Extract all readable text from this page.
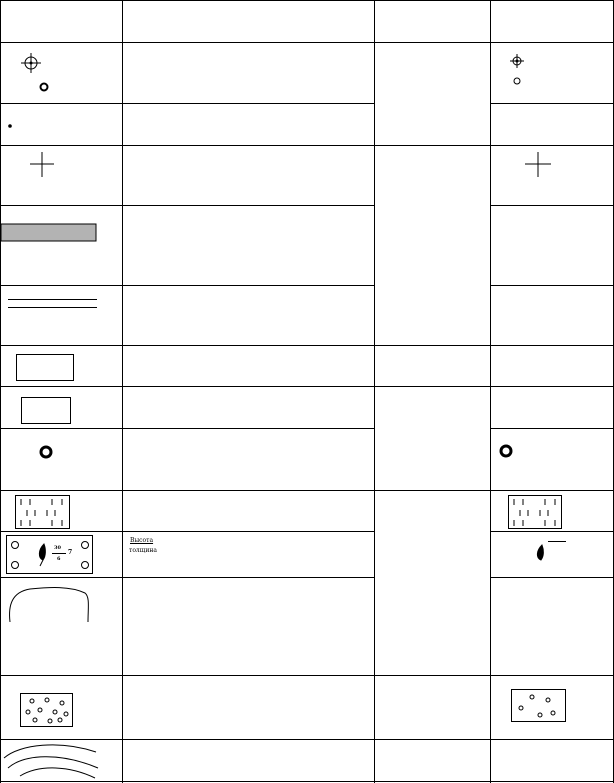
30
6
7
Высота
толщина
